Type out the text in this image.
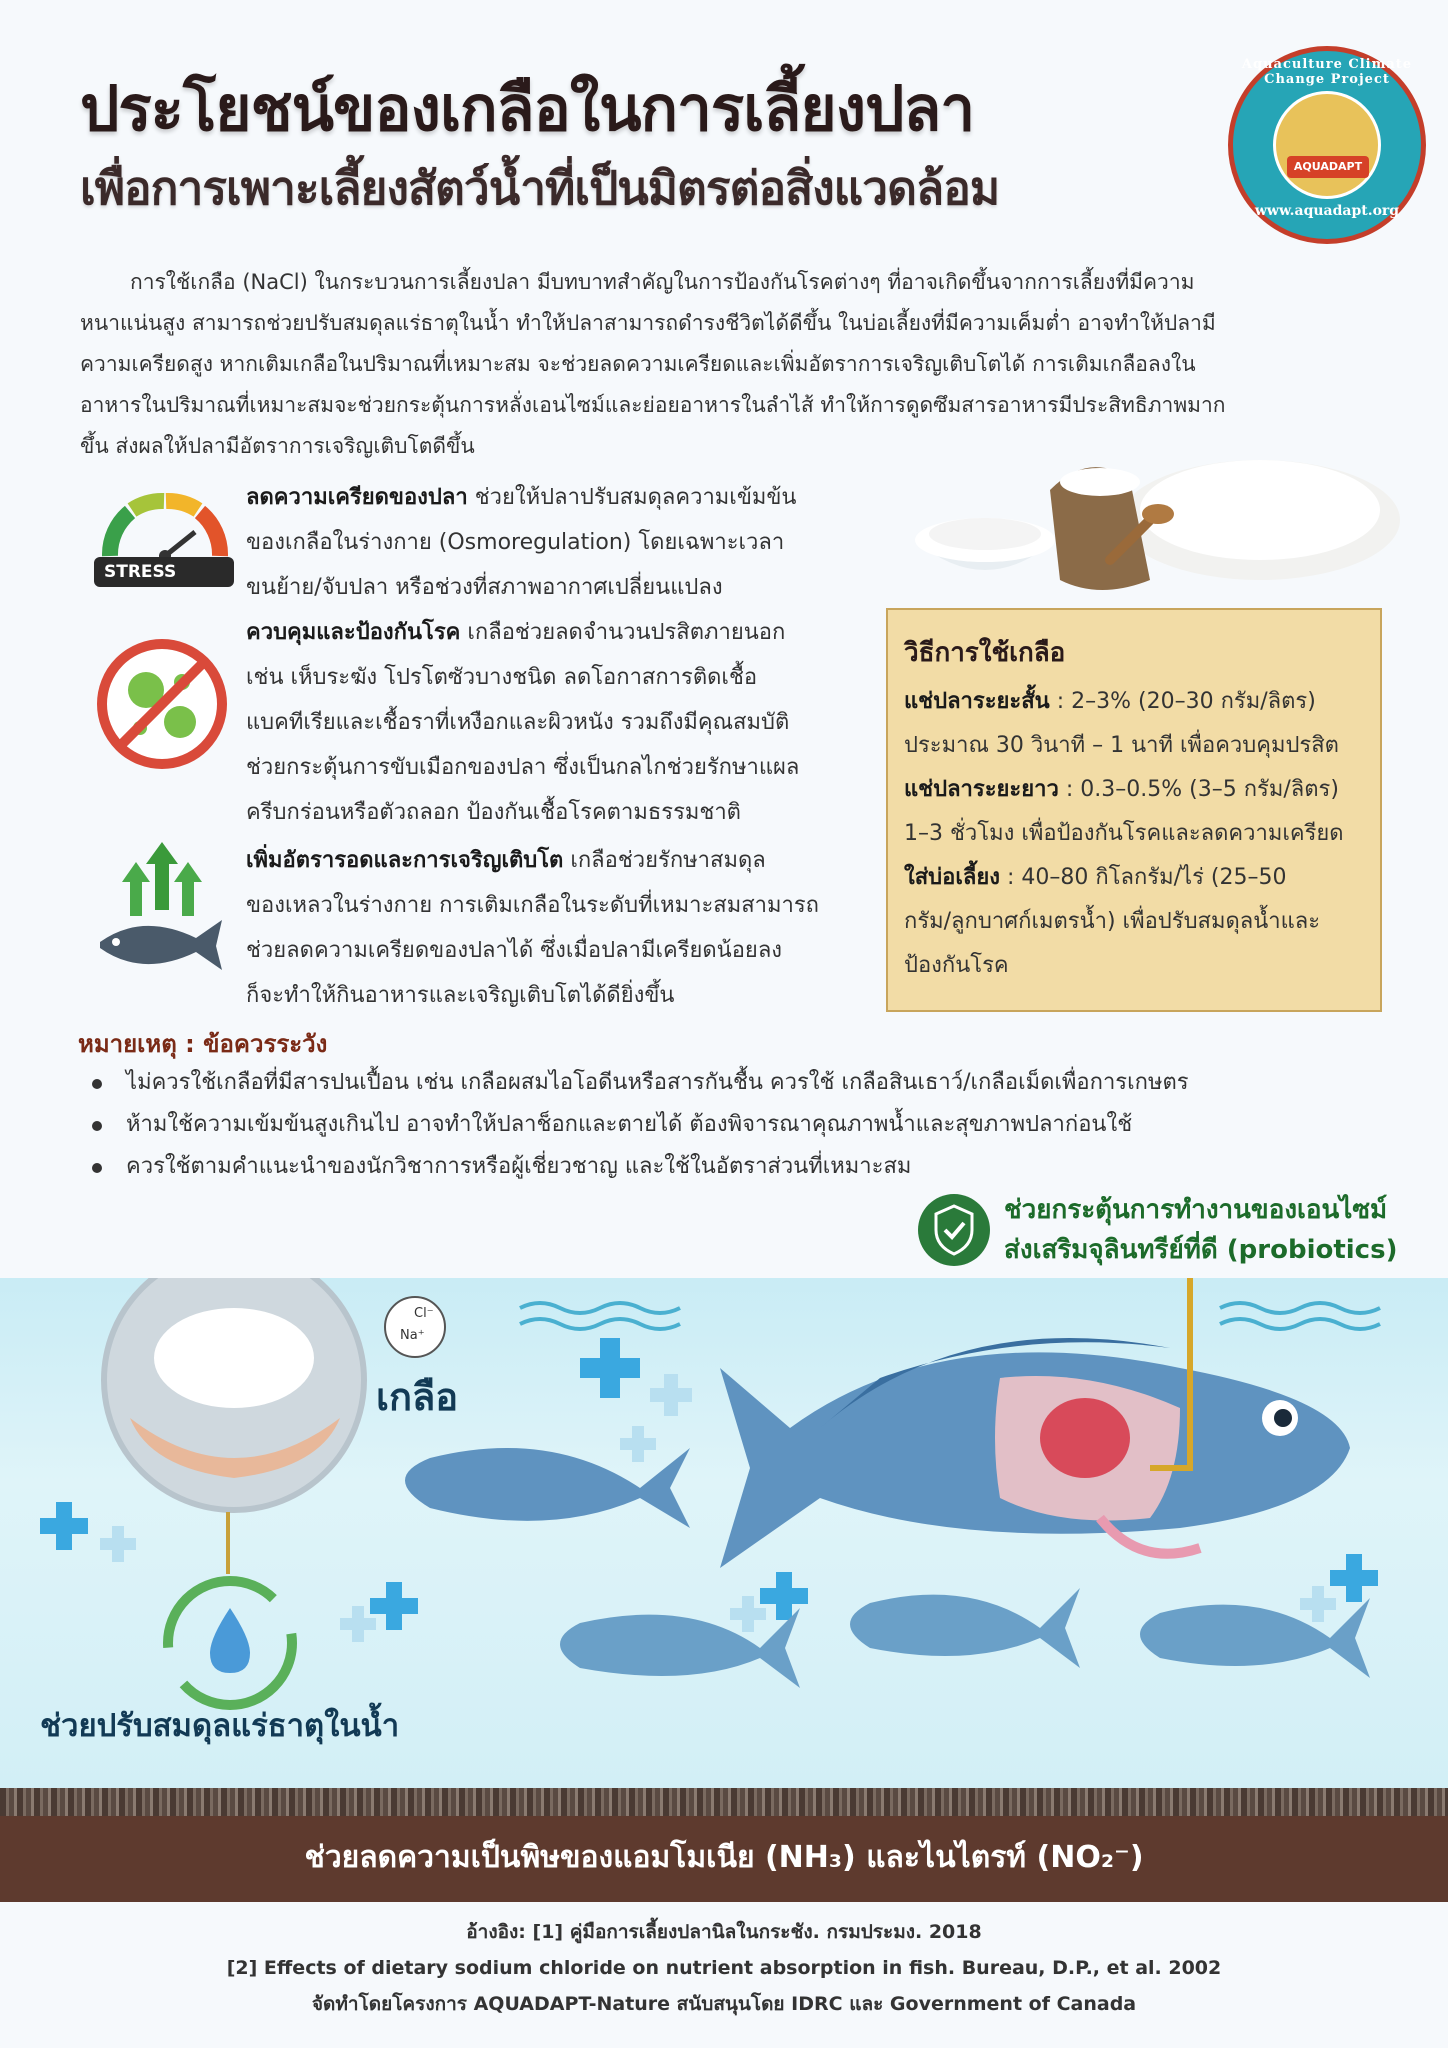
ประโยชน์ของเกลือในการเลี้ยงปลา
เพื่อการเพาะเลี้ยงสัตว์น้ำที่เป็นมิตรต่อสิ่งแวดล้อม
Aquaculture Climate Change Project
AQUADAPT
www.aquadapt.org
การใช้เกลือ (NaCl) ในกระบวนการเลี้ยงปลา มีบทบาทสำคัญในการป้องกันโรคต่างๆ ที่อาจเกิดขึ้นจากการเลี้ยงที่มีความ
หนาแน่นสูง สามารถช่วยปรับสมดุลแร่ธาตุในน้ำ ทำให้ปลาสามารถดำรงชีวิตได้ดีขึ้น ในบ่อเลี้ยงที่มีความเค็มต่ำ อาจทำให้ปลามี
ความเครียดสูง หากเติมเกลือในปริมาณที่เหมาะสม จะช่วยลดความเครียดและเพิ่มอัตราการเจริญเติบโตได้ การเติมเกลือลงใน
อาหารในปริมาณที่เหมาะสมจะช่วยกระตุ้นการหลั่งเอนไซม์และย่อยอาหารในลำไส้ ทำให้การดูดซึมสารอาหารมีประสิทธิภาพมาก
ขึ้น ส่งผลให้ปลามีอัตราการเจริญเติบโตดีขึ้น
STRESS
ลดความเครียดของปลา ช่วยให้ปลาปรับสมดุลความเข้มข้น
ของเกลือในร่างกาย (Osmoregulation) โดยเฉพาะเวลา
ขนย้าย/จับปลา หรือช่วงที่สภาพอากาศเปลี่ยนแปลง
ควบคุมและป้องกันโรค เกลือช่วยลดจำนวนปรสิตภายนอก
เช่น เห็บระฆัง โปรโตซัวบางชนิด ลดโอกาสการติดเชื้อ
แบคทีเรียและเชื้อราที่เหงือกและผิวหนัง รวมถึงมีคุณสมบัติ
ช่วยกระตุ้นการขับเมือกของปลา ซึ่งเป็นกลไกช่วยรักษาแผล
ครีบกร่อนหรือตัวถลอก ป้องกันเชื้อโรคตามธรรมชาติ
เพิ่มอัตรารอดและการเจริญเติบโต เกลือช่วยรักษาสมดุล
ของเหลวในร่างกาย การเติมเกลือในระดับที่เหมาะสมสามารถ
ช่วยลดความเครียดของปลาได้ ซึ่งเมื่อปลามีเครียดน้อยลง
ก็จะทำให้กินอาหารและเจริญเติบโตได้ดียิ่งขึ้น
วิธีการใช้เกลือ
แช่ปลาระยะสั้น : 2–3% (20–30 กรัม/ลิตร)
ประมาณ 30 วินาที – 1 นาที เพื่อควบคุมปรสิต
แช่ปลาระยะยาว : 0.3–0.5% (3–5 กรัม/ลิตร)
1–3 ชั่วโมง เพื่อป้องกันโรคและลดความเครียด
ใส่บ่อเลี้ยง : 40–80 กิโลกรัม/ไร่ (25–50
กรัม/ลูกบาศก์เมตรน้ำ) เพื่อปรับสมดุลน้ำและ
ป้องกันโรค
หมายเหตุ : ข้อควรระวัง
ไม่ควรใช้เกลือที่มีสารปนเปื้อน เช่น เกลือผสมไอโอดีนหรือสารกันชื้น ควรใช้ เกลือสินเธาว์/เกลือเม็ดเพื่อการเกษตร
ห้ามใช้ความเข้มข้นสูงเกินไป อาจทำให้ปลาช็อกและตายได้ ต้องพิจารณาคุณภาพน้ำและสุขภาพปลาก่อนใช้
ควรใช้ตามคำแนะนำของนักวิชาการหรือผู้เชี่ยวชาญ และใช้ในอัตราส่วนที่เหมาะสม
ช่วยกระตุ้นการทำงานของเอนไซม์
ส่งเสริมจุลินทรีย์ที่ดี (probiotics)
Cl⁻
Na⁺
เกลือ
ช่วยปรับสมดุลแร่ธาตุในน้ำ
ช่วยลดความเป็นพิษของแอมโมเนีย (NH₃) และไนไตรท์ (NO₂⁻)
อ้างอิง: [1] คู่มือการเลี้ยงปลานิลในกระชัง. กรมประมง. 2018
[2] Effects of dietary sodium chloride on nutrient absorption in fish. Bureau, D.P., et al. 2002
จัดทำโดยโครงการ AQUADAPT-Nature สนับสนุนโดย IDRC และ Government of Canada
